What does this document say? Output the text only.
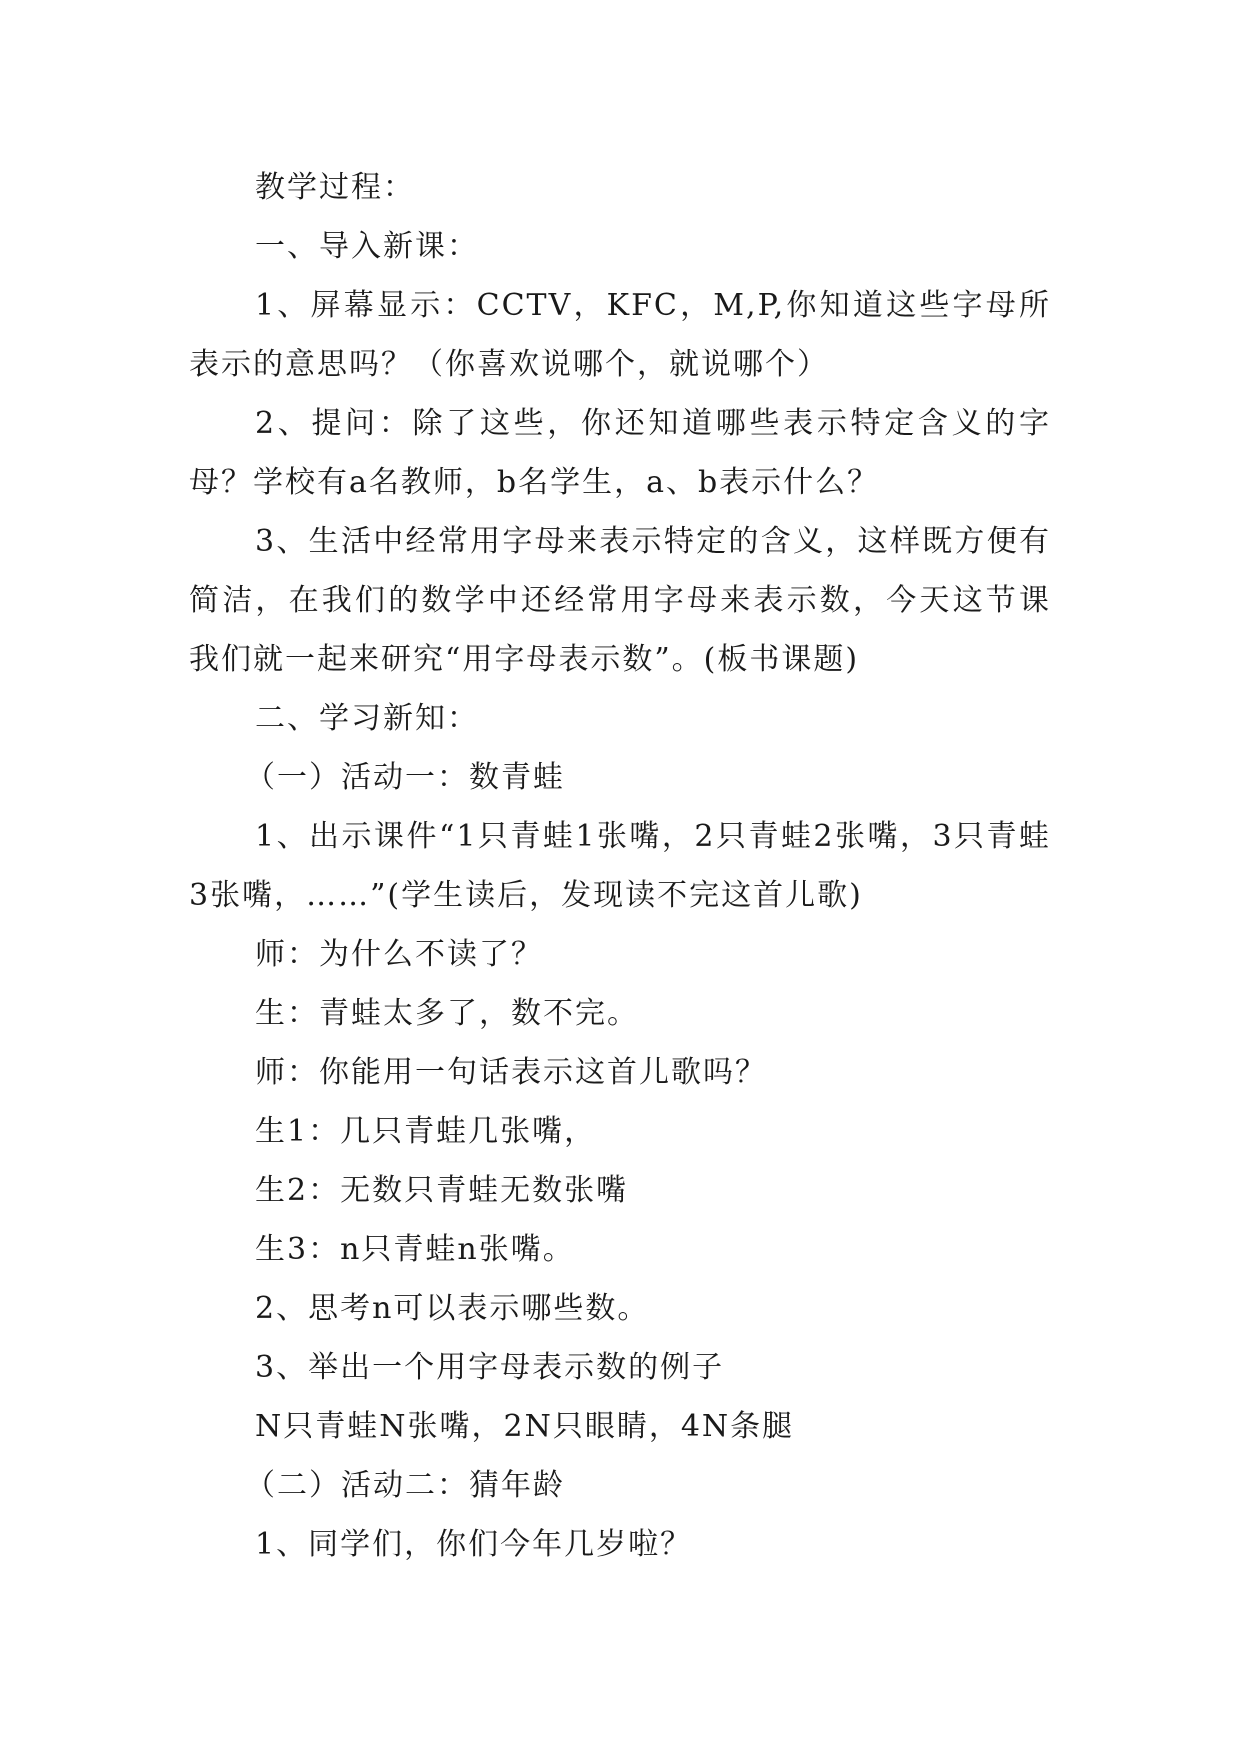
教学过程：

一、导入新课：

1、屏幕显示：CCTV，KFC，M,P,你知道这些字母所表示的意思吗？（你喜欢说哪个，就说哪个）

2、提问：除了这些，你还知道哪些表示特定含义的字母？学校有a名教师，b名学生，a、b表示什么？

3、生活中经常用字母来表示特定的含义，这样既方便有简洁，在我们的数学中还经常用字母来表示数，今天这节课我们就一起来研究“用字母表示数”。(板书课题)

二、学习新知：

（一）活动一：数青蛙

1、出示课件“1只青蛙1张嘴，2只青蛙2张嘴，3只青蛙3张嘴，……”(学生读后，发现读不完这首儿歌)

师：为什么不读了？

生：青蛙太多了，数不完。

师：你能用一句话表示这首儿歌吗？

生1：几只青蛙几张嘴，

生2：无数只青蛙无数张嘴

生3：n只青蛙n张嘴。

2、思考n可以表示哪些数。

3、举出一个用字母表示数的例子

N只青蛙N张嘴，2N只眼睛，4N条腿

（二）活动二：猜年龄

1、同学们，你们今年几岁啦？
